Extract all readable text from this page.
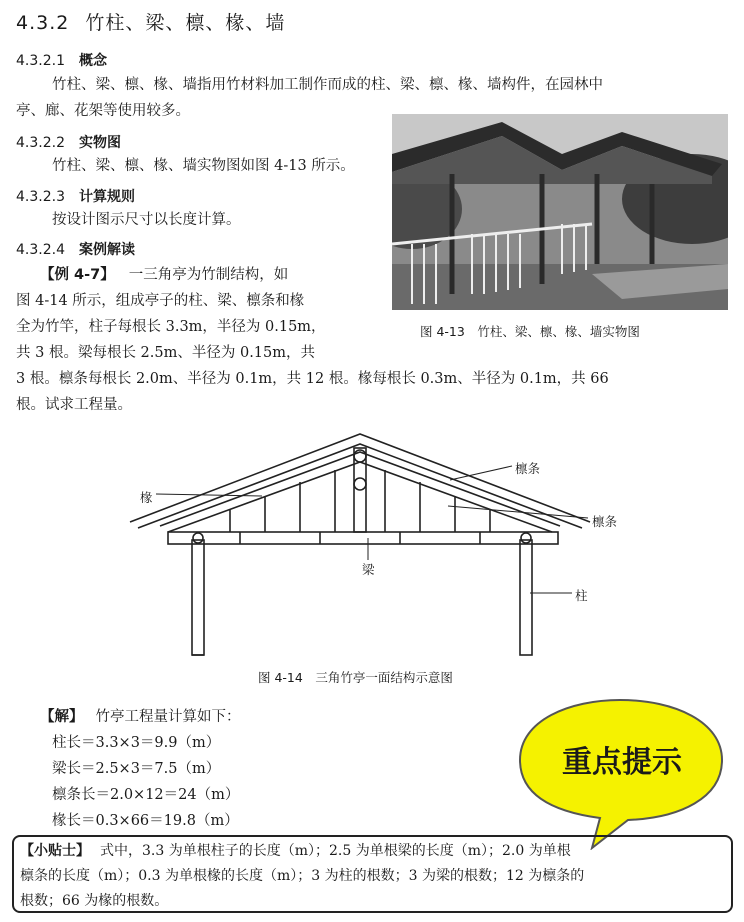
4.3.2 竹柱、梁、檩、椽、墙
4.3.2.1 概念
竹柱、梁、檩、椽、墙指用竹材料加工制作而成的柱、梁、檩、椽、墙构件，在园林中
亭、廊、花架等使用较多。
4.3.2.2 实物图
竹柱、梁、檩、椽、墙实物图如图 4-13 所示。
4.3.2.3 计算规则
按设计图示尺寸以长度计算。
4.3.2.4 案例解读
【例 4-7】 一三角亭为竹制结构，如
图 4-14 所示，组成亭子的柱、梁、檩条和椽
全为竹竿，柱子每根长 3.3m，半径为 0.15m，
共 3 根。梁每根长 2.5m、半径为 0.15m，共
3 根。檩条每根长 2.0m、半径为 0.1m，共 12 根。椽每根长 0.3m、半径为 0.1m，共 66
根。试求工程量。
图 4-13　竹柱、梁、檩、椽、墙实物图
椽
檩条
檩条
梁
柱
图 4-14　三角竹亭一面结构示意图
【解】 竹亭工程量计算如下：
柱长＝3.3×3＝9.9（m）
梁长＝2.5×3＝7.5（m）
檩条长＝2.0×12＝24（m）
椽长＝0.3×66＝19.8（m）
重点提示
【小贴士】 式中，3.3 为单根柱子的长度（m）；2.5 为单根梁的长度（m）；2.0 为单根
檩条的长度（m）；0.3 为单根椽的长度（m）；3 为柱的根数；3 为梁的根数；12 为檩条的
根数；66 为椽的根数。
